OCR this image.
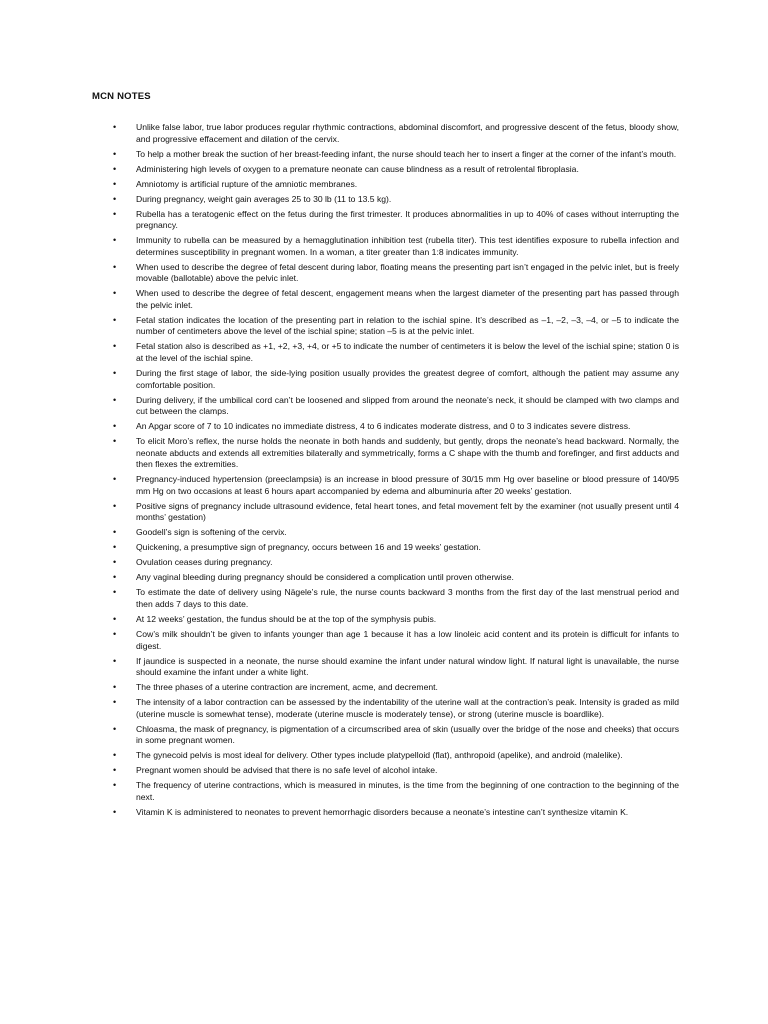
MCN NOTES
• Unlike false labor, true labor produces regular rhythmic contractions, abdominal discomfort, and progressive descent of the fetus, bloody show, and progressive effacement and dilation of the cervix.
• To help a mother break the suction of her breast-feeding infant, the nurse should teach her to insert a finger at the corner of the infant’s mouth.
• Administering high levels of oxygen to a premature neonate can cause blindness as a result of retrolental fibroplasia.
• Amniotomy is artificial rupture of the amniotic membranes.
• During pregnancy, weight gain averages 25 to 30 lb (11 to 13.5 kg).
• Rubella has a teratogenic effect on the fetus during the first trimester. It produces abnormalities in up to 40% of cases without interrupting the pregnancy.
• Immunity to rubella can be measured by a hemagglutination inhibition test (rubella titer). This test identifies exposure to rubella infection and determines susceptibility in pregnant women. In a woman, a titer greater than 1:8 indicates immunity.
• When used to describe the degree of fetal descent during labor, floating means the presenting part isn’t engaged in the pelvic inlet, but is freely movable (ballotable) above the pelvic inlet.
• When used to describe the degree of fetal descent, engagement means when the largest diameter of the presenting part has passed through the pelvic inlet.
• Fetal station indicates the location of the presenting part in relation to the ischial spine. It’s described as –1, –2, –3, –4, or –5 to indicate the number of centimeters above the level of the ischial spine; station –5 is at the pelvic inlet.
• Fetal station also is described as +1, +2, +3, +4, or +5 to indicate the number of centimeters it is below the level of the ischial spine; station 0 is at the level of the ischial spine.
• During the first stage of labor, the side-lying position usually provides the greatest degree of comfort, although the patient may assume any comfortable position.
• During delivery, if the umbilical cord can’t be loosened and slipped from around the neonate’s neck, it should be clamped with two clamps and cut between the clamps.
• An Apgar score of 7 to 10 indicates no immediate distress, 4 to 6 indicates moderate distress, and 0 to 3 indicates severe distress.
• To elicit Moro’s reflex, the nurse holds the neonate in both hands and suddenly, but gently, drops the neonate’s head backward. Normally, the neonate abducts and extends all extremities bilaterally and symmetrically, forms a C shape with the thumb and forefinger, and first adducts and then flexes the extremities.
• Pregnancy-induced hypertension (preeclampsia) is an increase in blood pressure of 30/15 mm Hg over baseline or blood pressure of 140/95 mm Hg on two occasions at least 6 hours apart accompanied by edema and albuminuria after 20 weeks’ gestation.
• Positive signs of pregnancy include ultrasound evidence, fetal heart tones, and fetal movement felt by the examiner (not usually present until 4 months’ gestation)
• Goodell’s sign is softening of the cervix.
• Quickening, a presumptive sign of pregnancy, occurs between 16 and 19 weeks’ gestation.
• Ovulation ceases during pregnancy.
• Any vaginal bleeding during pregnancy should be considered a complication until proven otherwise.
• To estimate the date of delivery using Nägele’s rule, the nurse counts backward 3 months from the first day of the last menstrual period and then adds 7 days to this date.
• At 12 weeks’ gestation, the fundus should be at the top of the symphysis pubis.
• Cow’s milk shouldn’t be given to infants younger than age 1 because it has a low linoleic acid content and its protein is difficult for infants to digest.
• If jaundice is suspected in a neonate, the nurse should examine the infant under natural window light. If natural light is unavailable, the nurse should examine the infant under a white light.
• The three phases of a uterine contraction are increment, acme, and decrement.
• The intensity of a labor contraction can be assessed by the indentability of the uterine wall at the contraction’s peak. Intensity is graded as mild (uterine muscle is somewhat tense), moderate (uterine muscle is moderately tense), or strong (uterine muscle is boardlike).
• Chloasma, the mask of pregnancy, is pigmentation of a circumscribed area of skin (usually over the bridge of the nose and cheeks) that occurs in some pregnant women.
• The gynecoid pelvis is most ideal for delivery. Other types include platypelloid (flat), anthropoid (apelike), and android (malelike).
• Pregnant women should be advised that there is no safe level of alcohol intake.
• The frequency of uterine contractions, which is measured in minutes, is the time from the beginning of one contraction to the beginning of the next.
• Vitamin K is administered to neonates to prevent hemorrhagic disorders because a neonate’s intestine can’t synthesize vitamin K.
